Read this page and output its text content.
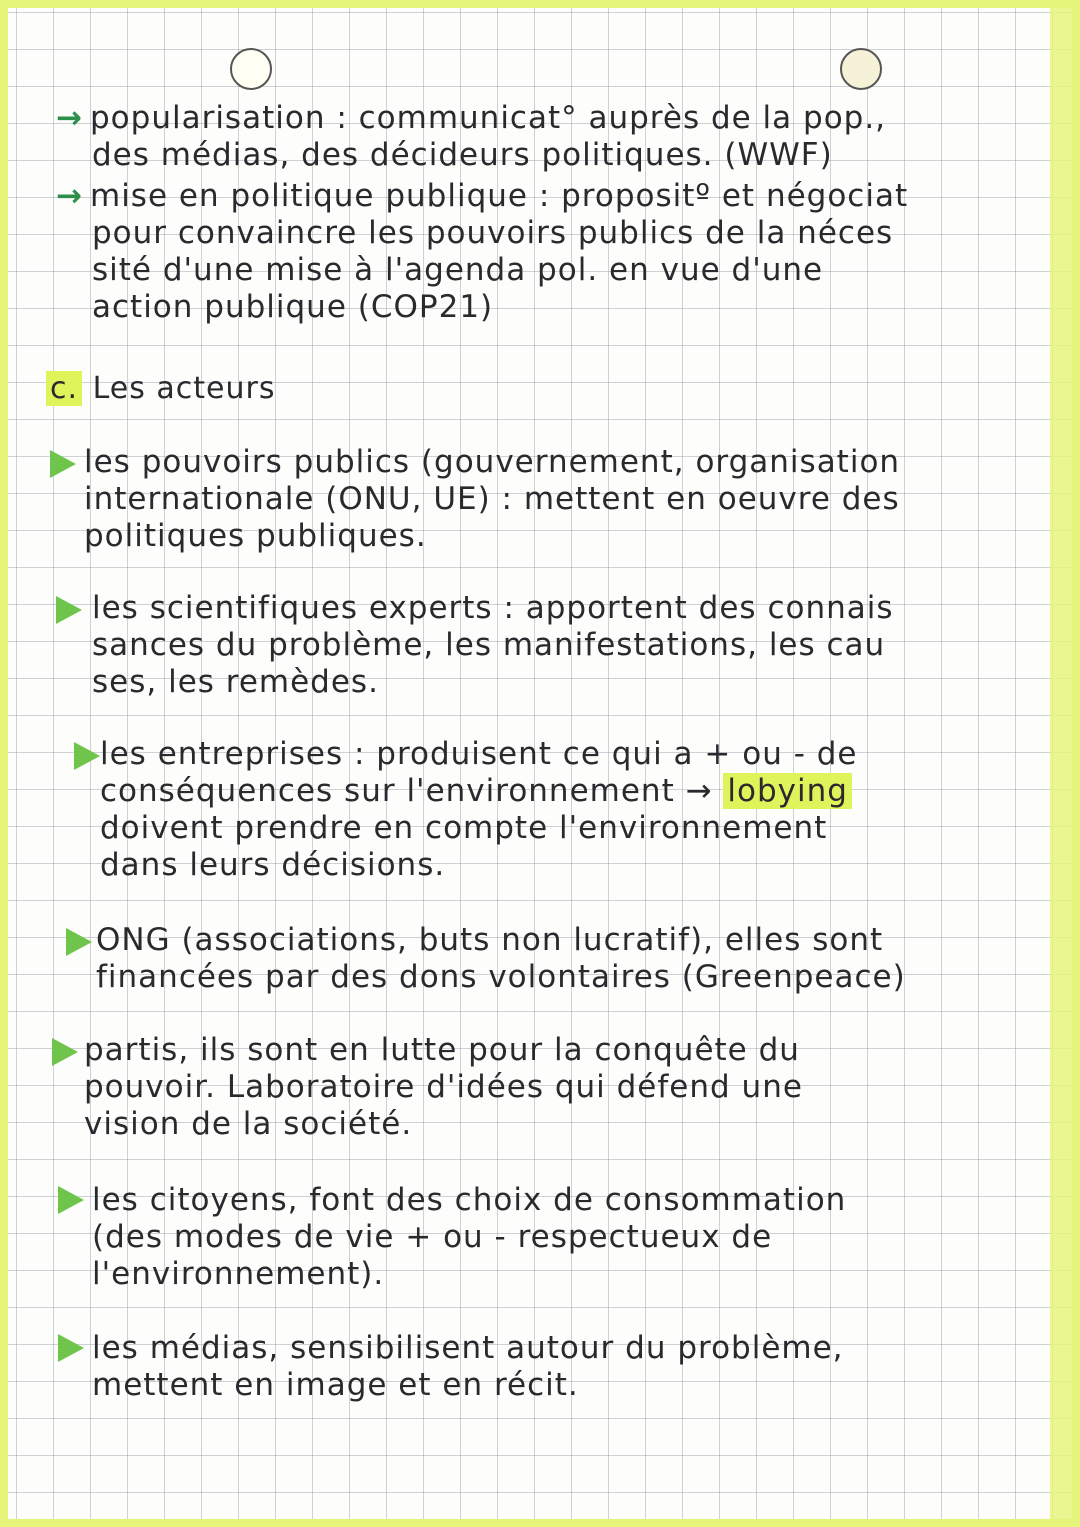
→ popularisation : communicat° auprès de la pop.,
des médias, des décideurs politiques. (WWF)
→ mise en politique publique : propositº et négociat
pour convaincre les pouvoirs publics de la néces
sité d'une mise à l'agenda pol. en vue d'une
action publique (COP21)
c. Les acteurs
les pouvoirs publics (gouvernement, organisation
internationale (ONU, UE) : mettent en oeuvre des
politiques publiques.
les scientifiques experts : apportent des connais
sances du problème, les manifestations, les cau
ses, les remèdes.
les entreprises : produisent ce qui a + ou - de
conséquences sur l'environnement → lobying
doivent prendre en compte l'environnement
dans leurs décisions.
ONG (associations, buts non lucratif), elles sont
financées par des dons volontaires (Greenpeace)
partis, ils sont en lutte pour la conquête du
pouvoir. Laboratoire d'idées qui défend une
vision de la société.
les citoyens, font des choix de consommation
(des modes de vie + ou - respectueux de
l'environnement).
les médias, sensibilisent autour du problème,
mettent en image et en récit.
